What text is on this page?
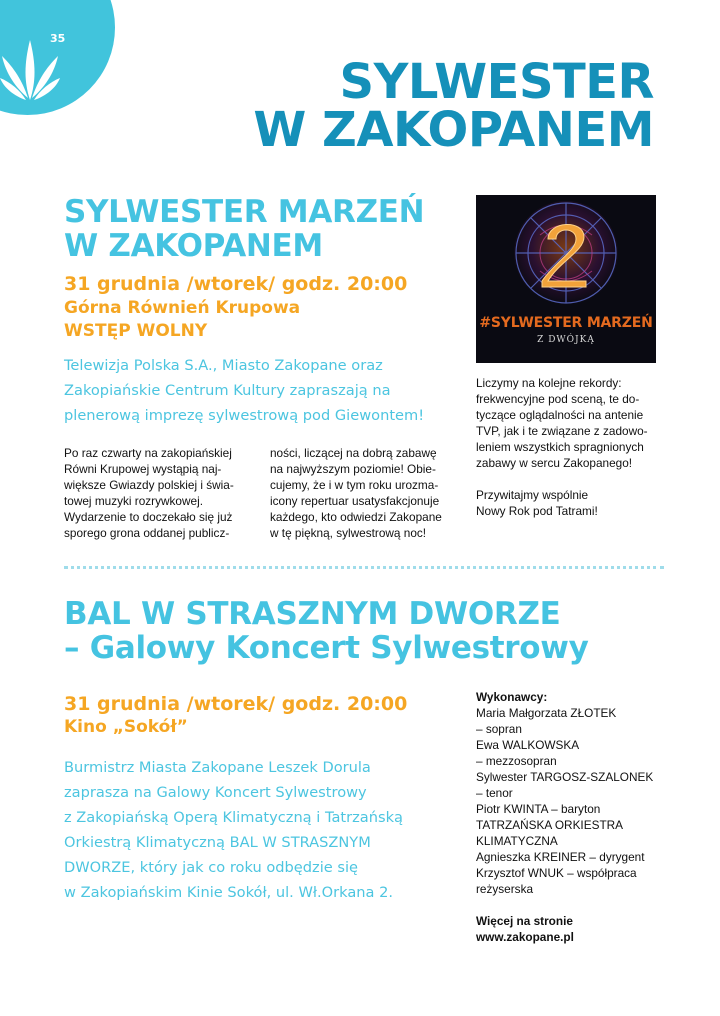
35
SYLWESTER
W ZAKOPANEM
SYLWESTER MARZEŃ
W ZAKOPANEM
31 grudnia /wtorek/ godz. 20:00
Górna Równień Krupowa
WSTĘP WOLNY
Telewizja Polska S.A., Miasto Zakopane oraz
Zakopiańskie Centrum Kultury zapraszają na
plenerową imprezę sylwestrową pod Giewontem!
Po raz czwarty na zakopiańskiej
Równi Krupowej wystąpią naj-
większe Gwiazdy polskiej i świa-
towej muzyki rozrywkowej.
Wydarzenie to doczekało się już
sporego grona oddanej publicz-
ności, liczącej na dobrą zabawę
na najwyższym poziomie! Obie-
cujemy, że i w tym roku urozma-
icony repertuar usatysfakcjonuje
każdego, kto odwiedzi Zakopane
w tę piękną, sylwestrową noc!
#SYLWESTER MARZEŃ
Z DWÓJKĄ
Liczymy na kolejne rekordy:
frekwencyjne pod sceną, te do-
tyczące oglądalności na antenie
TVP, jak i te związane z zadowo-
leniem wszystkich spragnionych
zabawy w sercu Zakopanego!
Przywitajmy wspólnie
Nowy Rok pod Tatrami!
BAL W STRASZNYM DWORZE
– Galowy Koncert Sylwestrowy
31 grudnia /wtorek/ godz. 20:00
Kino „Sokół”
Burmistrz Miasta Zakopane Leszek Dorula
zaprasza na Galowy Koncert Sylwestrowy
z Zakopiańską Operą Klimatyczną i Tatrzańską
Orkiestrą Klimatyczną BAL W STRASZNYM
DWORZE, który jak co roku odbędzie się
w Zakopiańskim Kinie Sokół, ul. Wł.Orkana 2.
Wykonawcy:
Maria Małgorzata ZŁOTEK
– sopran
Ewa WALKOWSKA
– mezzosopran
Sylwester TARGOSZ-SZALONEK
– tenor
Piotr KWINTA – baryton
TATRZAŃSKA ORKIESTRA
KLIMATYCZNA
Agnieszka KREINER – dyrygent
Krzysztof WNUK – współpraca
reżyserska
Więcej na stronie
www.zakopane.pl
